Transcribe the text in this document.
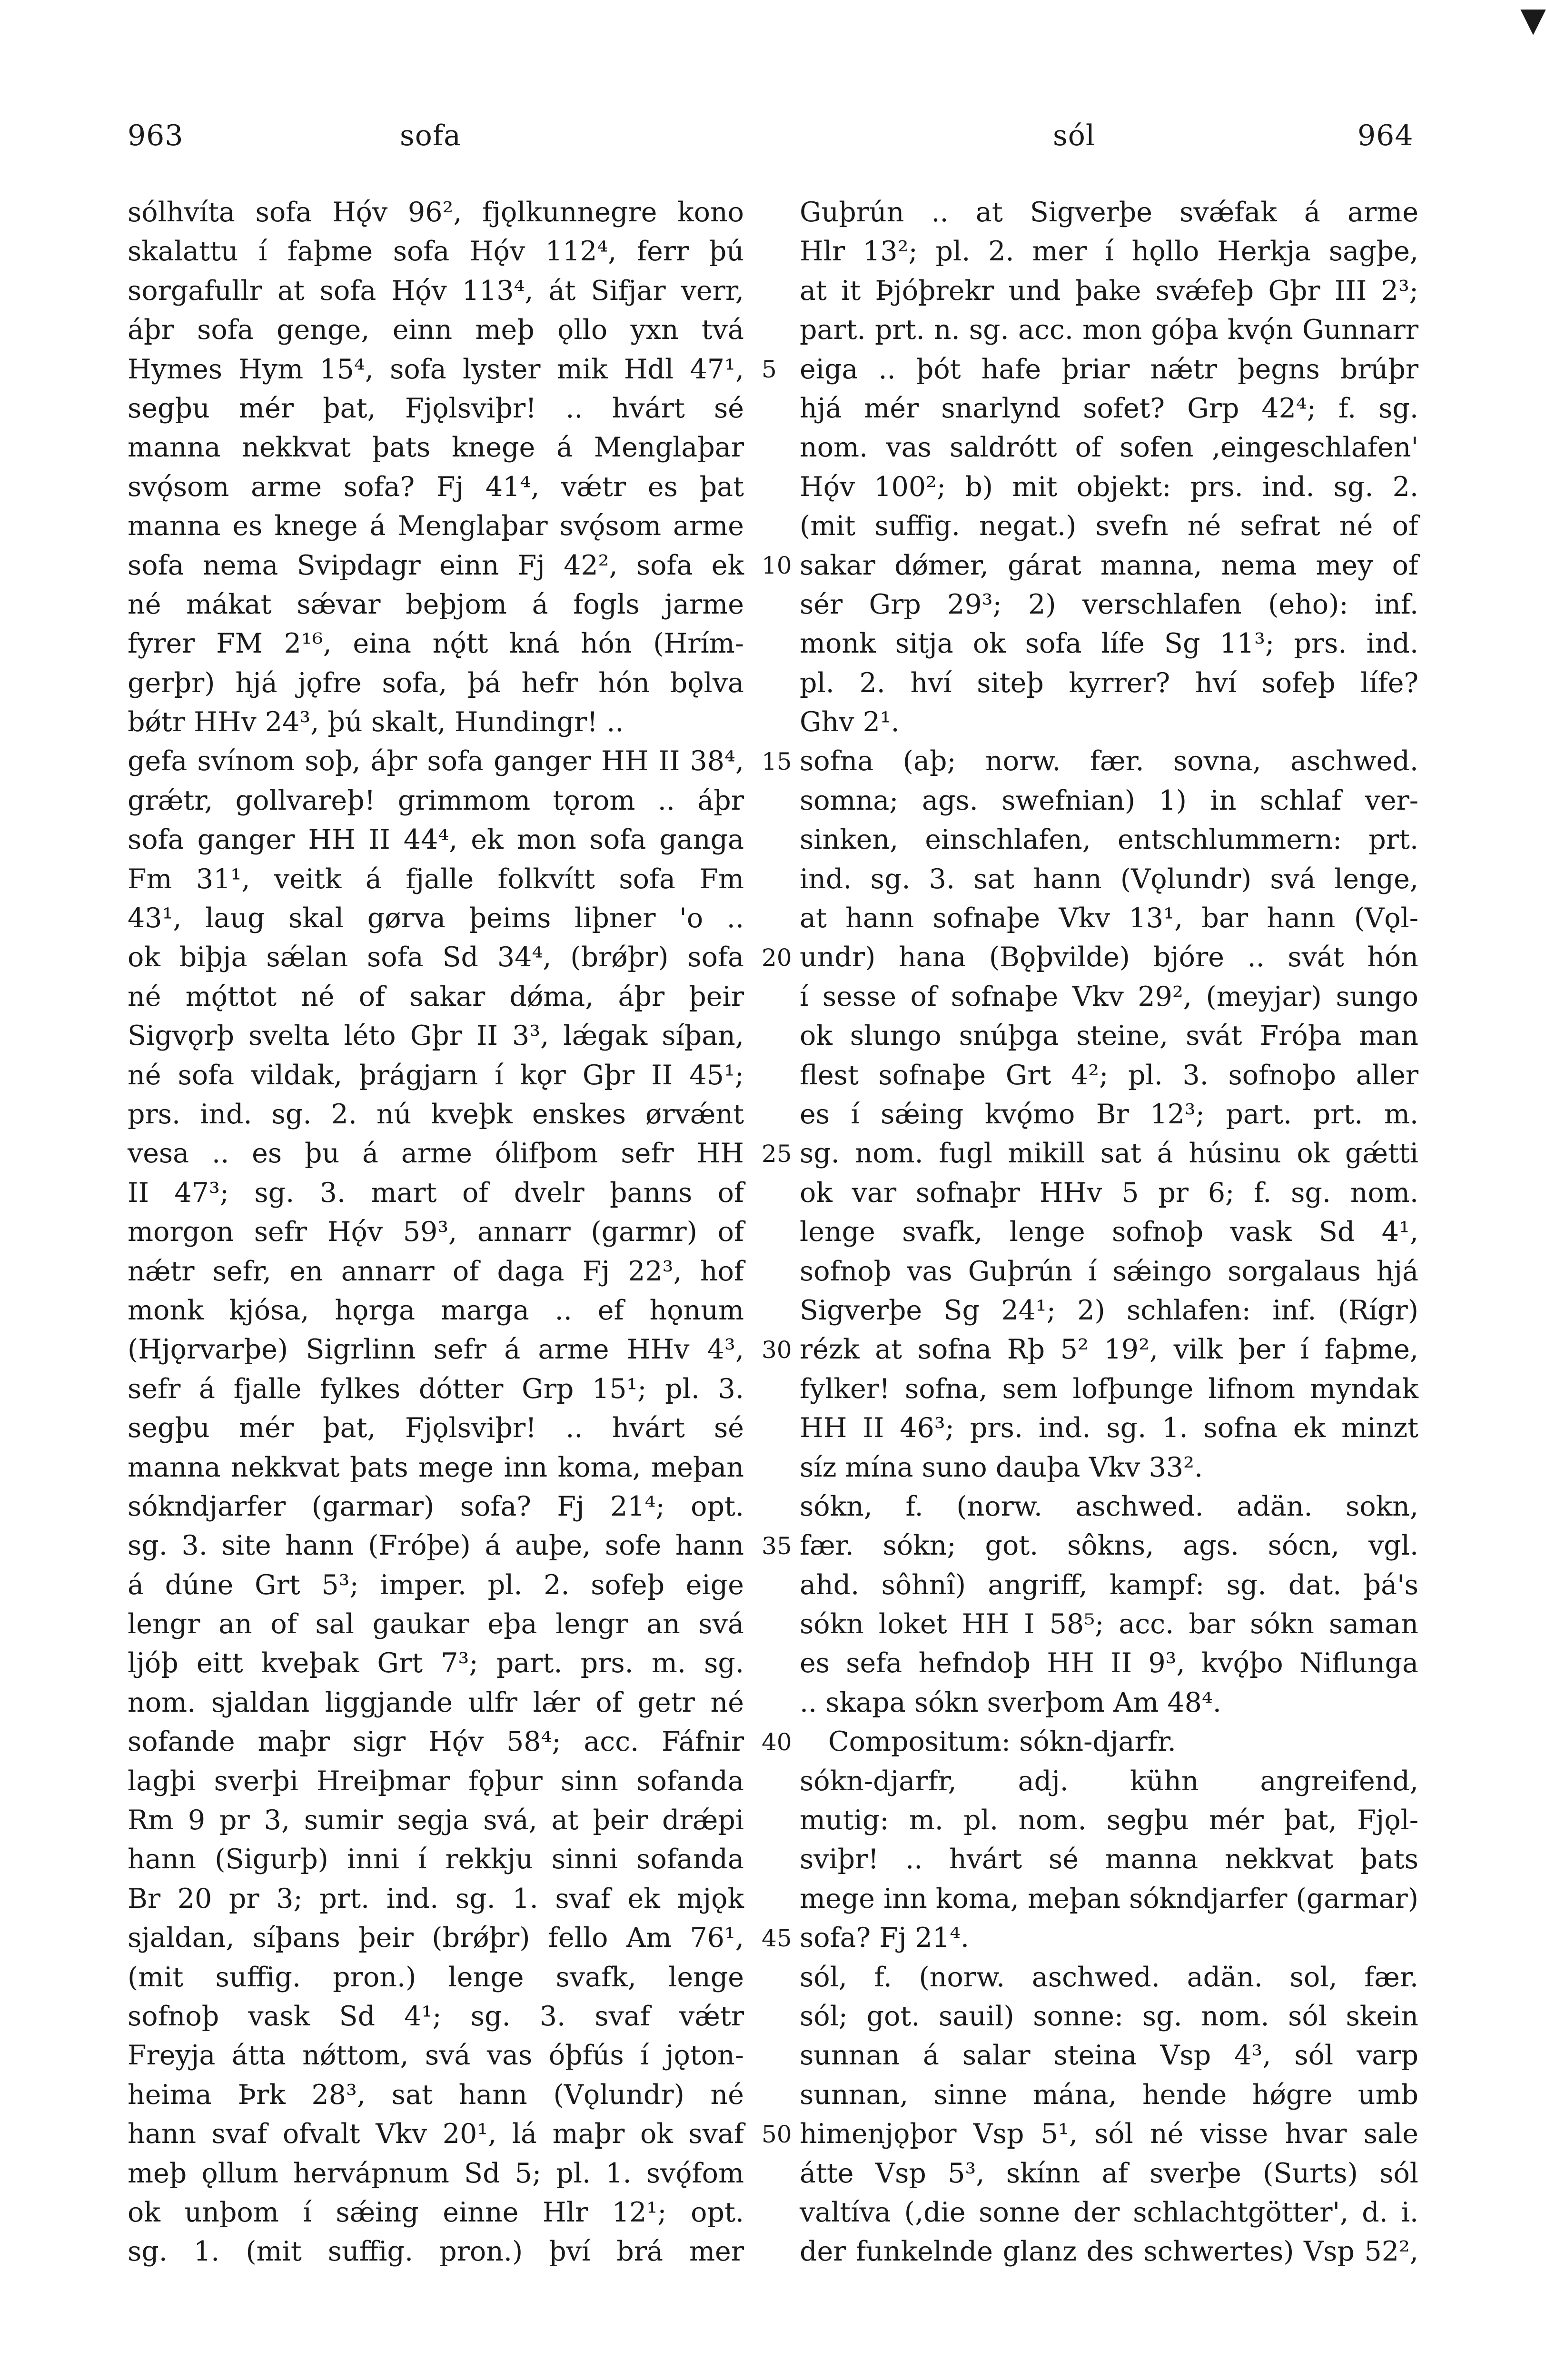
▼
963	sofa	sól	964
sólhvíta sofa Hǫ́v 96², fjǫlkunnegre kono
skalattu í faþme sofa Hǫ́v 112⁴, ferr þú
sorgafullr at sofa Hǫ́v 113⁴, át Sifjar verr,
áþr sofa genge, einn meþ ǫllo yxn tvá
Hymes Hym 15⁴, sofa lyster mik Hdl 47¹,
segþu mér þat, Fjǫlsviþr! .. hvárt sé
manna nekkvat þats knege á Menglaþar
svǫ́som arme sofa? Fj 41⁴, vǽtr es þat
manna es knege á Menglaþar svǫ́som arme
sofa nema Svipdagr einn Fj 42², sofa ek
né mákat sǽvar beþjom á fogls jarme
fyrer FM 2¹⁶, eina nǫ́tt kná hón (Hrím-
gerþr) hjá jǫfre sofa, þá hefr hón bǫlva
bǿtr HHv 24³, þú skalt, Hundingr! ..
gefa svínom soþ, áþr sofa ganger HH II 38⁴,
grǽtr, gollvareþ! grimmom tǫrom .. áþr
sofa ganger HH II 44⁴, ek mon sofa ganga
Fm 31¹, veitk á fjalle folkvítt sofa Fm
43¹, laug skal gørva þeims liþner 'o ..
ok biþja sǽlan sofa Sd 34⁴, (brǿþr) sofa
né mǫ́ttot né of sakar dǿma, áþr þeir
Sigvǫrþ svelta léto Gþr II 3³, lǽgak síþan,
né sofa vildak, þrágjarn í kǫr Gþr II 45¹;
prs. ind. sg. 2. nú kveþk enskes ørvǽnt
vesa .. es þu á arme ólifþom sefr HH
II 47³; sg. 3. mart of dvelr þanns of
morgon sefr Hǫ́v 59³, annarr (garmr) of
nǽtr sefr, en annarr of daga Fj 22³, hof
monk kjósa, hǫrga marga .. ef hǫnum
(Hjǫrvarþe) Sigrlinn sefr á arme HHv 4³,
sefr á fjalle fylkes dótter Grp 15¹; pl. 3.
segþu mér þat, Fjǫlsviþr! .. hvárt sé
manna nekkvat þats mege inn koma, meþan
sókndjarfer (garmar) sofa? Fj 21⁴; opt.
sg. 3. site hann (Fróþe) á auþe, sofe hann
á dúne Grt 5³; imper. pl. 2. sofeþ eige
lengr an of sal gaukar eþa lengr an svá
ljóþ eitt kveþak Grt 7³; part. prs. m. sg.
nom. sjaldan liggjande ulfr lǽr of getr né
sofande maþr sigr Hǫ́v 58⁴; acc. Fáfnir
lagþi sverþi Hreiþmar fǫþur sinn sofanda
Rm 9 pr 3, sumir segja svá, at þeir drǽpi
hann (Sigurþ) inni í rekkju sinni sofanda
Br 20 pr 3; prt. ind. sg. 1. svaf ek mjǫk
sjaldan, síþans þeir (brǿþr) fello Am 76¹,
(mit suffig. pron.) lenge svafk, lenge
sofnoþ vask Sd 4¹; sg. 3. svaf vǽtr
Freyja átta nǿttom, svá vas óþfús í jǫton-
heima Þrk 28³, sat hann (Vǫlundr) né
hann svaf ofvalt Vkv 20¹, lá maþr ok svaf
meþ ǫllum hervápnum Sd 5; pl. 1. svǫ́fom
ok unþom í sǽing einne Hlr 12¹; opt.
sg. 1. (mit suffig. pron.) því brá mer
5
10
15
20
25
30
35
40
45
50
Guþrún .. at Sigverþe svǽfak á arme
Hlr 13²; pl. 2. mer í hǫllo Herkja sagþe,
at it Þjóþrekr und þake svǽfeþ Gþr III 2³;
part. prt. n. sg. acc. mon góþa kvǫ́n Gunnarr
eiga .. þót hafe þriar nǽtr þegns brúþr
hjá mér snarlynd sofet? Grp 42⁴; f. sg.
nom. vas saldrótt of sofen ‚eingeschlafen'
Hǫ́v 100²; b) mit objekt: prs. ind. sg. 2.
(mit suffig. negat.) svefn né sefrat né of
sakar dǿmer, gárat manna, nema mey of
sér Grp 29³; 2) verschlafen (eho): inf.
monk sitja ok sofa lífe Sg 11³; prs. ind.
pl. 2. hví siteþ kyrrer? hví sofeþ lífe?
Ghv 2¹.
sofna (aþ; norw. fær. sovna, aschwed.
somna; ags. swefnian) 1) in schlaf ver-
sinken, einschlafen, entschlummern: prt.
ind. sg. 3. sat hann (Vǫlundr) svá lenge,
at hann sofnaþe Vkv 13¹, bar hann (Vǫl-
undr) hana (Bǫþvilde) bjóre .. svát hón
í sesse of sofnaþe Vkv 29², (meyjar) sungo
ok slungo snúþga steine, svát Fróþa man
flest sofnaþe Grt 4²; pl. 3. sofnoþo aller
es í sǽing kvǫ́mo Br 12³; part. prt. m.
sg. nom. fugl mikill sat á húsinu ok gǽtti
ok var sofnaþr HHv 5 pr 6; f. sg. nom.
lenge svafk, lenge sofnoþ vask Sd 4¹,
sofnoþ vas Guþrún í sǽingo sorgalaus hjá
Sigverþe Sg 24¹; 2) schlafen: inf. (Rígr)
rézk at sofna Rþ 5² 19², vilk þer í faþme,
fylker! sofna, sem lofþunge lifnom myndak
HH II 46³; prs. ind. sg. 1. sofna ek minzt
síz mína suno dauþa Vkv 33².
sókn, f. (norw. aschwed. adän. sokn,
fær. sókn; got. sôkns, ags. sócn, vgl.
ahd. sôhnî) angriff, kampf: sg. dat. þá's
sókn loket HH I 58⁵; acc. bar sókn saman
es sefa hefndoþ HH II 9³, kvǫ́þo Niflunga
.. skapa sókn sverþom Am 48⁴.
Compositum: sókn-djarfr.
sókn-djarfr, adj. kühn angreifend,
mutig: m. pl. nom. segþu mér þat, Fjǫl-
sviþr! .. hvárt sé manna nekkvat þats
mege inn koma, meþan sókndjarfer (garmar)
sofa? Fj 21⁴.
sól, f. (norw. aschwed. adän. sol, fær.
sól; got. sauil) sonne: sg. nom. sól skein
sunnan á salar steina Vsp 4³, sól varp
sunnan, sinne mána, hende hǿgre umb
himenjǫþor Vsp 5¹, sól né visse hvar sale
átte Vsp 5³, skínn af sverþe (Surts) sól
valtíva (‚die sonne der schlachtgötter', d. i.
der funkelnde glanz des schwertes) Vsp 52²,
